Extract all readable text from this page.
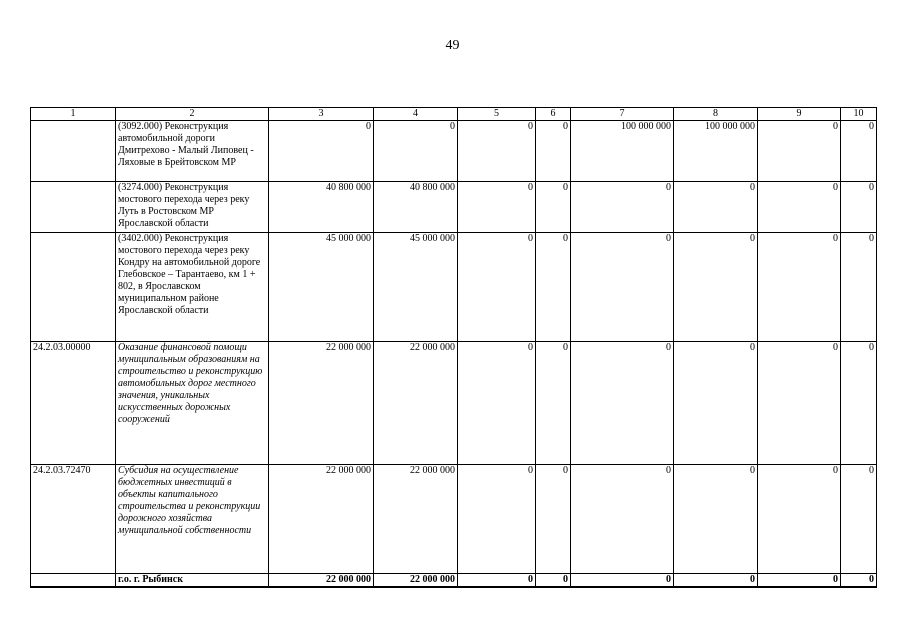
49
1	2	3	4	5	6	7	8	9	10
	(3092.000) Реконструкция автомобильной дороги Дмитрехово - Малый Липовец - Ляховые в Брейтовском МР	0	0	0	0	100 000 000	100 000 000	0	0
	(3274.000) Реконструкция мостового перехода через реку Луть в Ростовском МР Ярославской области	40 800 000	40 800 000	0	0	0	0	0	0
	(3402.000) Реконструкция мостового перехода через реку Кондру на автомобильной дороге Глебовское – Тарантаево, км 1 + 802, в Ярославском муниципальном районе Ярославской области	45 000 000	45 000 000	0	0	0	0	0	0
24.2.03.00000	Оказание финансовой помощи муниципальным образованиям на строительство и реконструкцию автомобильных дорог местного значения, уникальных искусственных дорожных сооружений	22 000 000	22 000 000	0	0	0	0	0	0
24.2.03.72470	Субсидия на осуществление бюджетных инвестиций в объекты капитального строительства и реконструкции дорожного хозяйства муниципальной собственности	22 000 000	22 000 000	0	0	0	0	0	0
	г.о. г. Рыбинск	22 000 000	22 000 000	0	0	0	0	0	0
